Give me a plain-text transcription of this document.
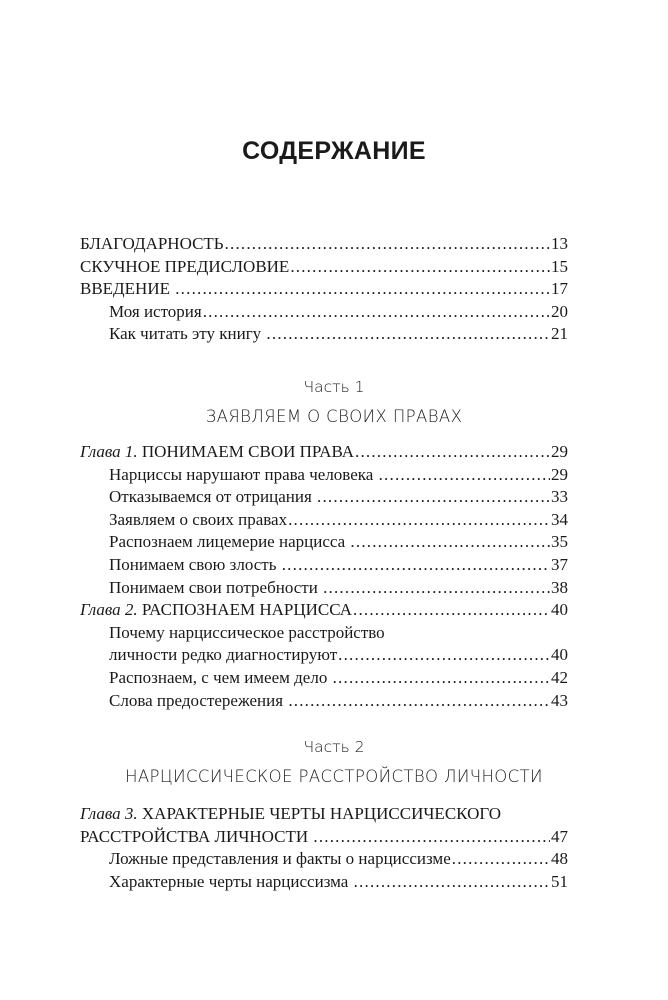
СОДЕРЖАНИЕ
БЛАГОДАРНОСТЬ .....	13
СКУЧНОЕ ПРЕДИСЛОВИЕ .....	15
ВВЕДЕНИЕ .....	17
Моя история .....	20
Как читать эту книгу .....	21
Часть 1
ЗАЯВЛЯЕМ О СВОИХ ПРАВАХ
Глава 1. ПОНИМАЕМ СВОИ ПРАВА .....	29
Нарциссы нарушают права человека .....	29
Отказываемся от отрицания .....	33
Заявляем о своих правах .....	34
Распознаем лицемерие нарцисса .....	35
Понимаем свою злость .....	37
Понимаем свои потребности .....	38
Глава 2. РАСПОЗНАЕМ НАРЦИССА .....	40
Почему нарциссическое расстройство
личности редко диагностируют .....	40
Распознаем, с чем имеем дело .....	42
Слова предостережения .....	43
Часть 2
НАРЦИССИЧЕСКОЕ РАССТРОЙСТВО ЛИЧНОСТИ
Глава 3. ХАРАКТЕРНЫЕ ЧЕРТЫ НАРЦИССИЧЕСКОГО
РАССТРОЙСТВА ЛИЧНОСТИ .....	47
Ложные представления и факты о нарциссизме .....	48
Характерные черты нарциссизма .....	51
